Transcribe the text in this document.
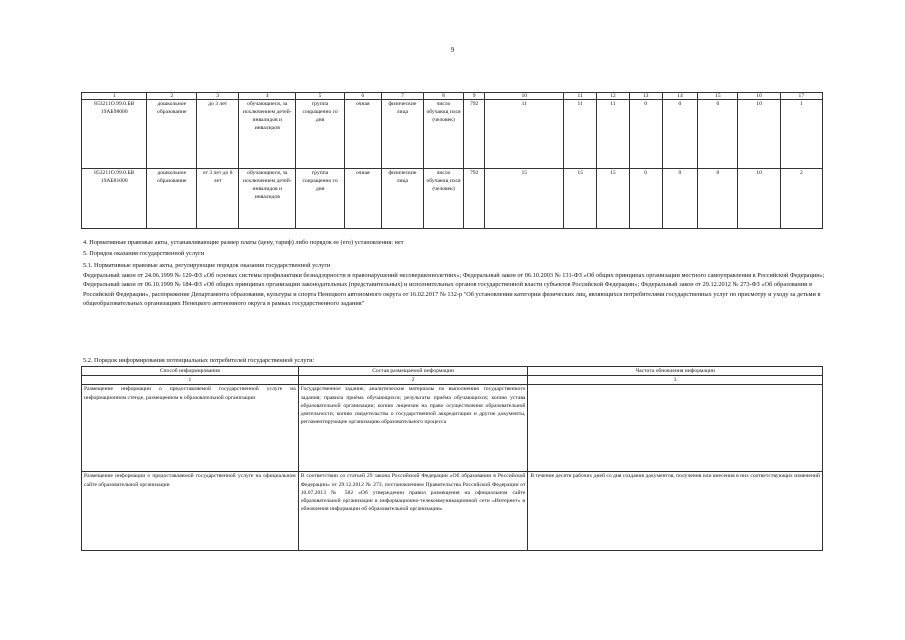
9
1	2	3	4	5	6	7	8	9	10	11	12	13	14	15	16	17
853211О.99.0.БВ 19АБ98000	дошкольное образование	до 3 лет	обучающиеся, за исключением детей-инвалидов и инвалидов	группа сокращенно го дня	очная	физические лица	число обучающ ихся (человек)	792	11	11	11	0	0	0	10	1
853211О.99.0.БВ 19АБ81000	дошкольное образование	от 3 лет до 8 лет	обучающиеся, за исключением детей-инвалидов и инвалидов	группа сокращенно го дня	очная	физические лица	число обучающ ихся (человек)	792	15	15	15	0	0	0	10	2
4. Нормативные правовые акты, устанавливающие размер платы (цену, тариф) либо порядок ее (его) установления: нет
5. Порядок оказания государственной услуги
5.1. Нормативные правовые акты, регулирующие порядок оказания государственной услуги
Федеральный закон от 24.06.1999 № 120-ФЗ «Об основах системы профилактики безнадзорности и правонарушений несовершеннолетних»; Федеральный закон от 06.10.2003 № 131-ФЗ «Об общих принципах организации местного самоуправления в Российской Федерации»; Федеральный закон от 06.10.1999 № 184-ФЗ «Об общих принципах организации законодательных (представительных) и исполнительных органов государственной власти субъектов Российской Федерации»; Федеральный закон от 29.12.2012 № 273-ФЗ «Об образовании в Российской Федерации», распоряжение Департамента образования, культуры и спорта Ненецкого автономного округа от 16.02.2017 № 132-р "Об установлении категории физических лиц, являющихся потребителями государственных услуг по присмотру и уходу за детьми в общеобразовательных организациях Ненецкого автономного округа в рамках государственного задания"
5.2. Порядок информирования потенциальных потребителей государственной услуги:
Способ информирования	Состав размещаемой информации	Частота обновления информации
1	2	3
Размещение информации о предоставляемой государственной услуге на информационном стенде, размещенном в образовательной организации	Государственное задание, аналитические материалы по выполнению государственного задания; правила приёма обучающихся; результаты приёма обучающихся; копию устава образовательной организации; копию лицензии на право осуществления образовательной деятельности; копию свидетельства о государственной аккредитации и другие документы, регламентирующие организацию образовательного процесса	
Размещение информации о предоставляемой государственной услуге на официальном сайте образовательной организации	В соответствии со статьей 29 закона Российской Федерации «Об образовании в Российской Федерации» от 29.12.2012 № 273, постановлением Правительства Российской Федерации от 10.07.2013 № 582 «Об утверждении правил размещения на официальном сайте образовательной организации в информационно-телекоммуникационной сети «Интернет» и обновления информации об образовательной организации»	В течение десяти рабочих дней со дня создания документов, получения или внесения в них соответствующих изменений
